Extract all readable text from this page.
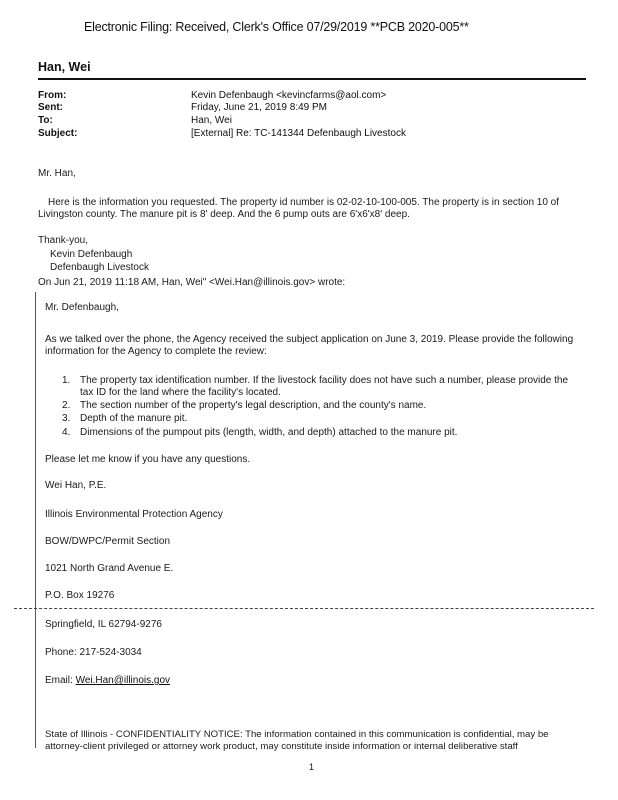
Electronic Filing: Received, Clerk's Office 07/29/2019 **PCB 2020-005**
Han, Wei
From:	Kevin Defenbaugh <kevincfarms@aol.com>
Sent:	Friday, June 21, 2019 8:49 PM
To:	Han, Wei
Subject:	[External] Re: TC-141344 Defenbaugh Livestock
Mr. Han,
Here is the information you requested. The property id number is 02-02-10-100-005. The property is in section 10 of
Livingston county. The manure pit is 8' deep. And the 6 pump outs are 6'x6'x8' deep.
Thank-you,
Kevin Defenbaugh
Defenbaugh Livestock
On Jun 21, 2019 11:18 AM, Han, Wei" <Wei.Han@illinois.gov> wrote:
Mr. Defenbaugh,
As we talked over the phone, the Agency received the subject application on June 3, 2019. Please provide the following
information for the Agency to complete the review:
1. The property tax identification number. If the livestock facility does not have such a number, please provide the
tax ID for the land where the facility's located.
2. The section number of the property's legal description, and the county's name.
3. Depth of the manure pit.
4. Dimensions of the pumpout pits (length, width, and depth) attached to the manure pit.
Please let me know if you have any questions.
Wei Han, P.E.
Illinois Environmental Protection Agency
BOW/DWPC/Permit Section
1021 North Grand Avenue E.
P.O. Box 19276
Springfield, IL 62794-9276
Phone: 217-524-3034
Email: Wei.Han@illinois.gov
State of Illinois - CONFIDENTIALITY NOTICE: The information contained in this communication is confidential, may be
attorney-client privileged or attorney work product, may constitute inside information or internal deliberative staff
1
